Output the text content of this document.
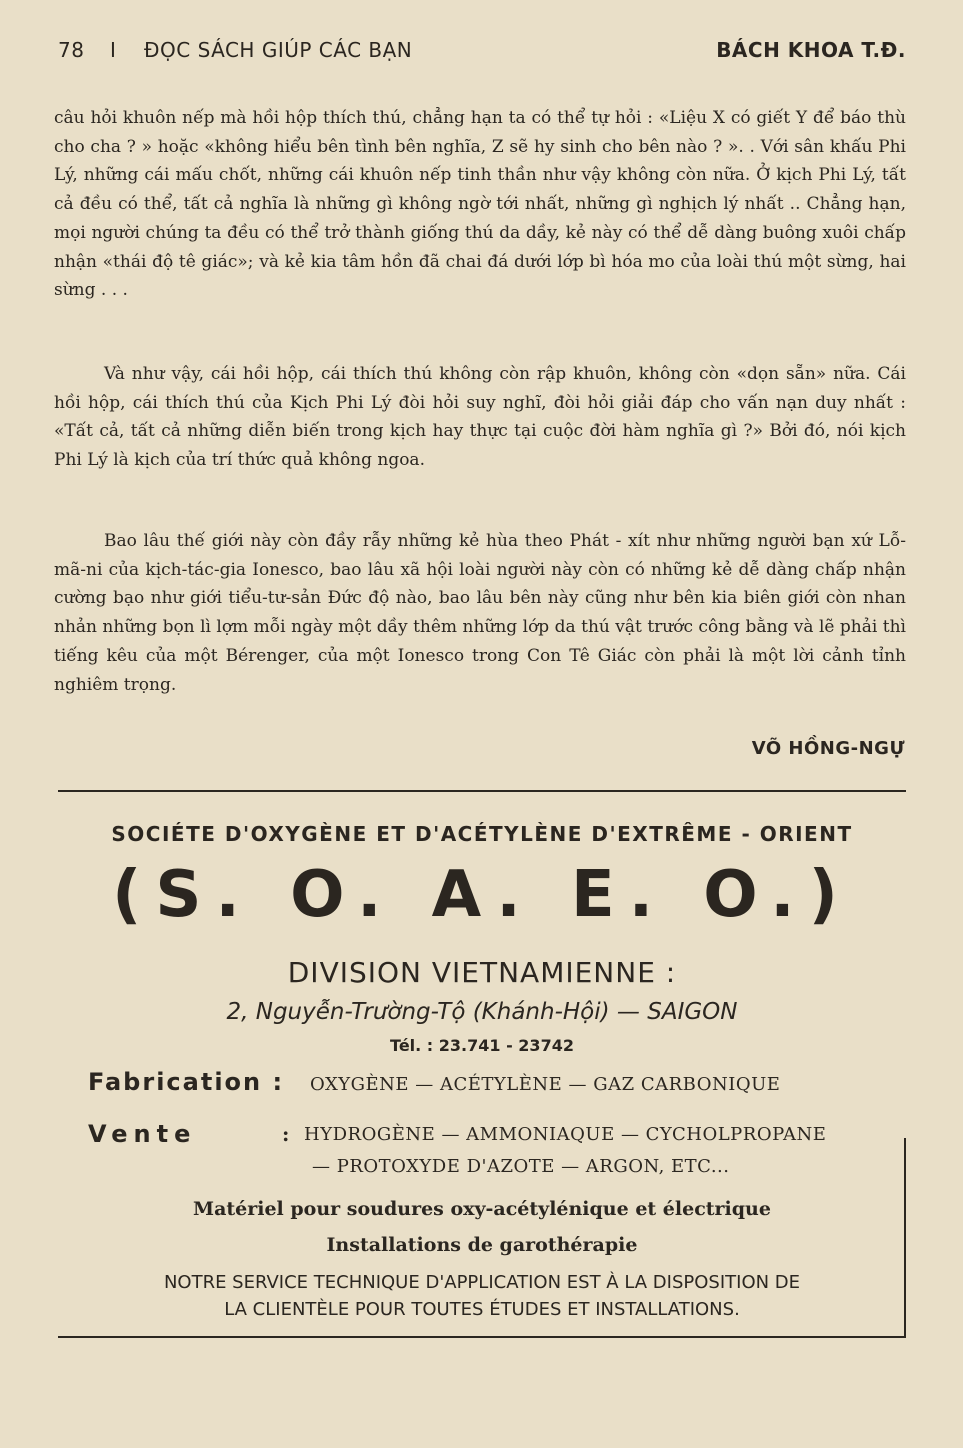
78 I ĐỌC SÁCH GIÚP CÁC BẠN	BÁCH KHOA T.Đ.
câu hỏi khuôn nếp mà hồi hộp thích thú, chẳng hạn ta có thể tự hỏi : «Liệu X có giết Y để báo thù cho cha ? » hoặc «không hiểu bên tình bên nghĩa, Z sẽ hy sinh cho bên nào ? ». . Với sân khấu Phi Lý, những cái mấu chốt, những cái khuôn nếp tinh thần như vậy không còn nữa. Ở kịch Phi Lý, tất cả đều có thể, tất cả nghĩa là những gì không ngờ tới nhất, những gì nghịch lý nhất .. Chẳng hạn, mọi người chúng ta đều có thể trở thành giống thú da dầy, kẻ này có thể dễ dàng buông xuôi chấp nhận «thái độ tê giác»; và kẻ kia tâm hồn đã chai đá dưới lớp bì hóa mo của loài thú một sừng, hai sừng . . .
Và như vậy, cái hồi hộp, cái thích thú không còn rập khuôn, không còn «dọn sẵn» nữa. Cái hồi hộp, cái thích thú của Kịch Phi Lý đòi hỏi suy nghĩ, đòi hỏi giải đáp cho vấn nạn duy nhất : «Tất cả, tất cả những diễn biến trong kịch hay thực tại cuộc đời hàm nghĩa gì ?» Bởi đó, nói kịch Phi Lý là kịch của trí thức quả không ngoa.
Bao lâu thế giới này còn đầy rẫy những kẻ hùa theo Phát - xít như những người bạn xứ Lỗ-mã-ni của kịch-tác-gia Ionesco, bao lâu xã hội loài người này còn có những kẻ dễ dàng chấp nhận cường bạo như giới tiểu-tư-sản Đức độ nào, bao lâu bên này cũng như bên kia biên giới còn nhan nhản những bọn lì lợm mỗi ngày một dầy thêm những lớp da thú vật trước công bằng và lẽ phải thì tiếng kêu của một Bérenger, của một Ionesco trong Con Tê Giác còn phải là một lời cảnh tỉnh nghiêm trọng.
VÕ HỒNG-NGỰ
SOCIÉTE D'OXYGÈNE ET D'ACÉTYLÈNE D'EXTRÊME - ORIENT
(S. O. A. E. O.)
DIVISION VIETNAMIENNE :
2, Nguyễn-Trường-Tộ (Khánh-Hội) — SAIGON
Tél. : 23.741 - 23742
Fabrication : OXYGÈNE — ACÉTYLÈNE — GAZ CARBONIQUE
Vente	: HYDROGÈNE — AMMONIAQUE — CYCHOLPROPANE
— PROTOXYDE D'AZOTE — ARGON, ETC...
Matériel pour soudures oxy-acétylénique et électrique
Installations de garothérapie
NOTRE SERVICE TECHNIQUE D'APPLICATION EST À LA DISPOSITION DE
LA CLIENTÈLE POUR TOUTES ÉTUDES ET INSTALLATIONS.
